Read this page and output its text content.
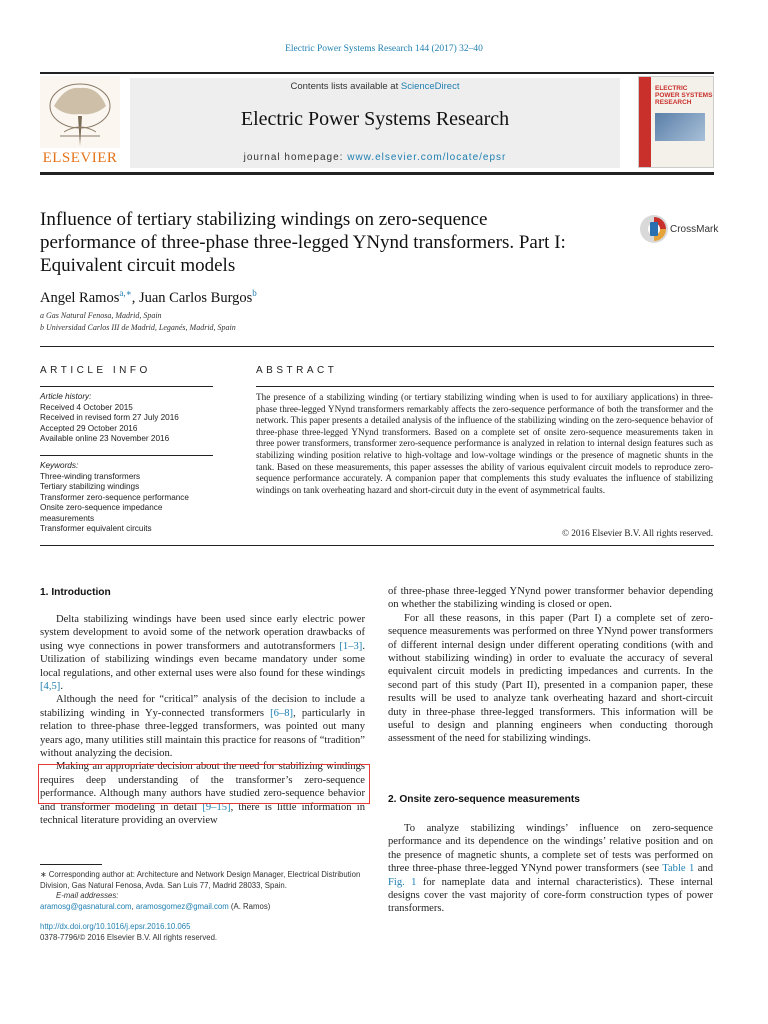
Electric Power Systems Research 144 (2017) 32–40
ELSEVIER
Contents lists available at ScienceDirect
Electric Power Systems Research
journal homepage: www.elsevier.com/locate/epsr
ELECTRIC POWER SYSTEMS RESEARCH
Influence of tertiary stabilizing windings on zero-sequence
performance of three-phase three-legged YNynd transformers. Part I:
Equivalent circuit models
CrossMark
Angel Ramos$^{a,∗}$, Juan Carlos Burgos$^b$
a Gas Natural Fenosa, Madrid, Spain
b Universidad Carlos III de Madrid, Leganés, Madrid, Spain
ARTICLE INFO
Article history:
Received 4 October 2015
Received in revised form 27 July 2016
Accepted 29 October 2016
Available online 23 November 2016
Keywords:
Three-winding transformers
Tertiary stabilizing windings
Transformer zero-sequence performance
Onsite zero-sequence impedance
measurements
Transformer equivalent circuits
ABSTRACT
The presence of a stabilizing winding (or tertiary stabilizing winding when is used to for auxiliary applications) in three-phase three-legged YNynd transformers remarkably affects the zero-sequence performance of both the transformer and the network. This paper presents a detailed analysis of the influence of the stabilizing winding on the zero-sequence behavior of three-phase three-legged YNynd transformers. Based on a complete set of onsite zero-sequence measurements taken in three power transformers, transformer zero-sequence performance is analyzed in relation to internal design features such as stabilizing winding position relative to high-voltage and low-voltage windings or the presence of magnetic shunts in the tank. Based on these measurements, this paper assesses the ability of various equivalent circuit models to reproduce zero-sequence performance accurately. A companion paper that complements this study evaluates the influence of stabilizing windings on tank overheating hazard and short-circuit duty in the event of asymmetrical faults.
© 2016 Elsevier B.V. All rights reserved.
1. Introduction

Delta stabilizing windings have been used since early electric power system development to avoid some of the network operation drawbacks of using wye connections in power transformers and autotransformers [1–3]. Utilization of stabilizing windings even became mandatory under some local regulations, and other external uses were also found for these windings [4,5].

Although the need for “critical” analysis of the decision to include a stabilizing winding in Yy-connected transformers [6–8], particularly in relation to three-phase three-legged transformers, was pointed out many years ago, many utilities still maintain this practice for reasons of “tradition” without analyzing the decision.

Making an appropriate decision about the need for stabilizing windings requires deep understanding of the transformer’s zero-sequence performance. Although many authors have studied zero-sequence behavior and transformer modeling in detail [9–15], there is little information in technical literature providing an overview

∗ Corresponding author at: Architecture and Network Design Manager, Electrical Distribution Division, Gas Natural Fenosa, Avda. San Luis 77, Madrid 28033, Spain.
E-mail addresses:
aramosg@gasnatural.com, aramosgomez@gmail.com (A. Ramos)
http://dx.doi.org/10.1016/j.epsr.2016.10.065
0378-7796/© 2016 Elsevier B.V. All rights reserved.

of three-phase three-legged YNynd power transformer behavior depending on whether the stabilizing winding is closed or open.

For all these reasons, in this paper (Part I) a complete set of zero-sequence measurements was performed on three YNynd power transformers of different internal design under different operating conditions (with and without stabilizing winding) in order to evaluate the accuracy of several equivalent circuit models in predicting impedances and currents. In the second part of this study (Part II), presented in a companion paper, these results will be used to analyze tank overheating hazard and short-circuit duty in three-phase three-legged transformers. This information will be useful to design and planning engineers when conducting thorough assessment of the need for stabilizing windings.

2. Onsite zero-sequence measurements

To analyze stabilizing windings’ influence on zero-sequence performance and its dependence on the windings’ relative position and on the presence of magnetic shunts, a complete set of tests was performed on three three-phase three-legged YNynd power transformers (see Table 1 and Fig. 1 for nameplate data and internal characteristics). These internal designs cover the vast majority of core-form construction types of power transformers.
